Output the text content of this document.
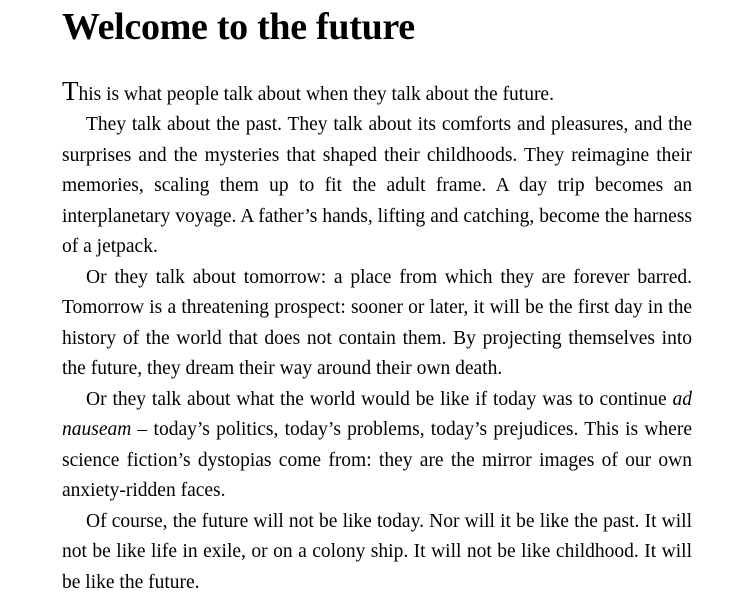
Welcome to the future

This is what people talk about when they talk about the future.

They talk about the past. They talk about its comforts and pleasures, and the surprises and the mysteries that shaped their childhoods. They reimagine their memories, scaling them up to fit the adult frame. A day trip becomes an interplanetary voyage. A father’s hands, lifting and catching, become the harness of a jetpack.

Or they talk about tomorrow: a place from which they are forever barred. Tomorrow is a threatening prospect: sooner or later, it will be the first day in the history of the world that does not contain them. By projecting themselves into the future, they dream their way around their own death.

Or they talk about what the world would be like if today was to continue ad nauseam – today’s politics, today’s problems, today’s prejudices. This is where science fiction’s dystopias come from: they are the mirror images of our own anxiety-ridden faces.

Of course, the future will not be like today. Nor will it be like the past. It will not be like life in exile, or on a colony ship. It will not be like childhood. It will be like the future.
